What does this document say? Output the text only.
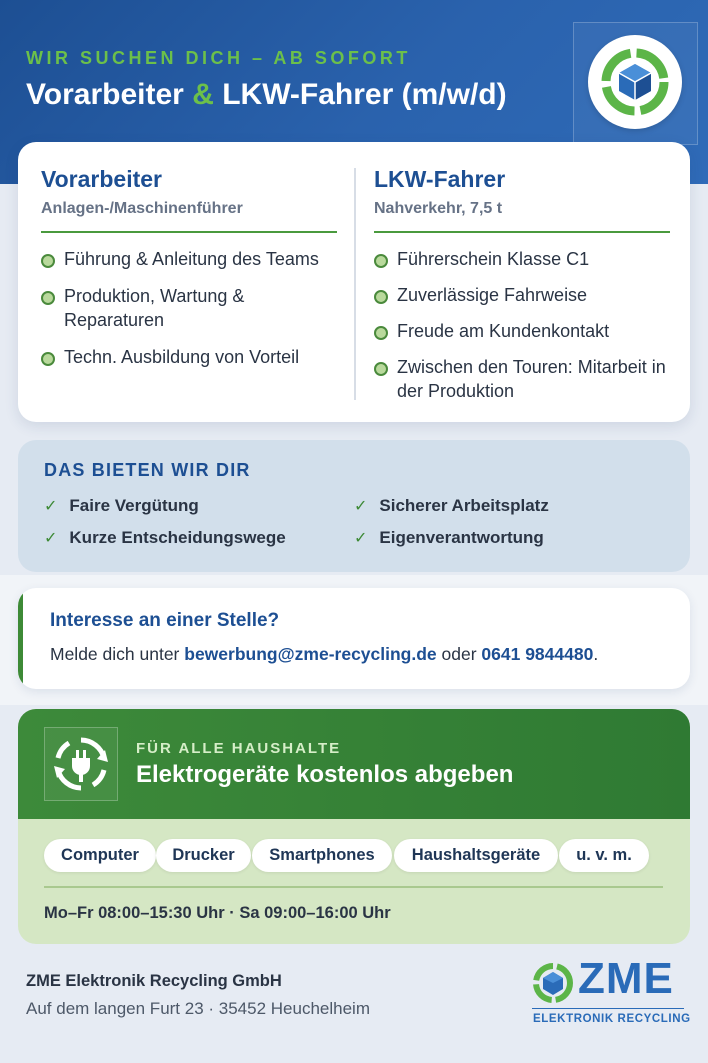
WIR SUCHEN DICH – AB SOFORT
Vorarbeiter & LKW-Fahrer (m/w/d)
Vorarbeiter
Anlagen-/Maschinenführer
Führung & Anleitung des Teams
Produktion, Wartung & Reparaturen
Techn. Ausbildung von Vorteil
LKW-Fahrer
Nahverkehr, 7,5 t
Führerschein Klasse C1
Zuverlässige Fahrweise
Freude am Kundenkontakt
Zwischen den Touren: Mitarbeit in der Produktion
DAS BIETEN WIR DIR
✓ Faire Vergütung	✓ Sicherer Arbeitsplatz
✓ Kurze Entscheidungswege	✓ Eigenverantwortung
Interesse an einer Stelle?
Melde dich unter bewerbung@zme-recycling.de oder 0641 9844480.
FÜR ALLE HAUSHALTE
Elektrogeräte kostenlos abgeben
Computer	Drucker	Smartphones	Haushaltsgeräte	u. v. m.
Mo–Fr 08:00–15:30 Uhr · Sa 09:00–16:00 Uhr
ZME Elektronik Recycling GmbH
Auf dem langen Furt 23 · 35452 Heuchelheim
ZME
ELEKTRONIK RECYCLING
